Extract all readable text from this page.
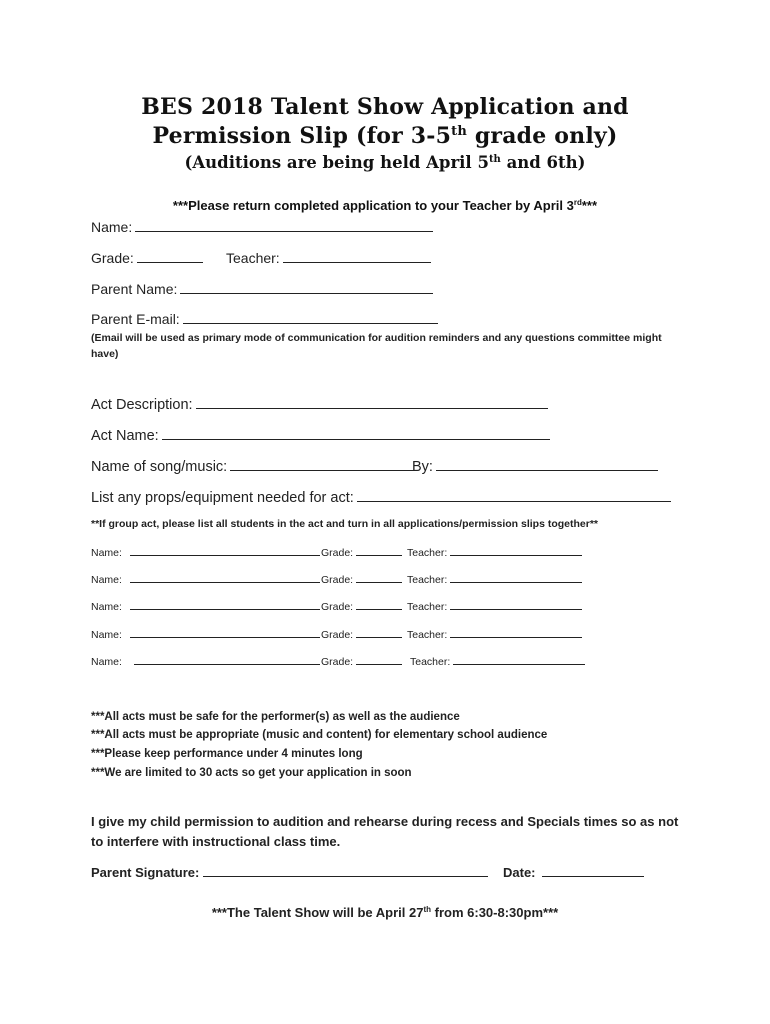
BES 2018 Talent Show Application and
Permission Slip (for 3-5th grade only)
(Auditions are being held April 5th and 6th)
***Please return completed application to your Teacher by April 3rd***
Name:
Grade:	Teacher:
Parent Name:
Parent E-mail:
(Email will be used as primary mode of communication for audition reminders and any questions committee might have)
Act Description:
Act Name:
Name of song/music:	By:
List any props/equipment needed for act:
**If group act, please list all students in the act and turn in all applications/permission slips together**
Name:	Grade:	Teacher:
Name:	Grade:	Teacher:
Name:	Grade:	Teacher:
Name:	Grade:	Teacher:
Name:	Grade:	Teacher:
***All acts must be safe for the performer(s) as well as the audience
***All acts must be appropriate (music and content) for elementary school audience
***Please keep performance under 4 minutes long
***We are limited to 30 acts so get your application in soon
I give my child permission to audition and rehearse during recess and Specials times so as not to interfere with instructional class time.
Parent Signature:	Date:
***The Talent Show will be April 27th from 6:30-8:30pm***
